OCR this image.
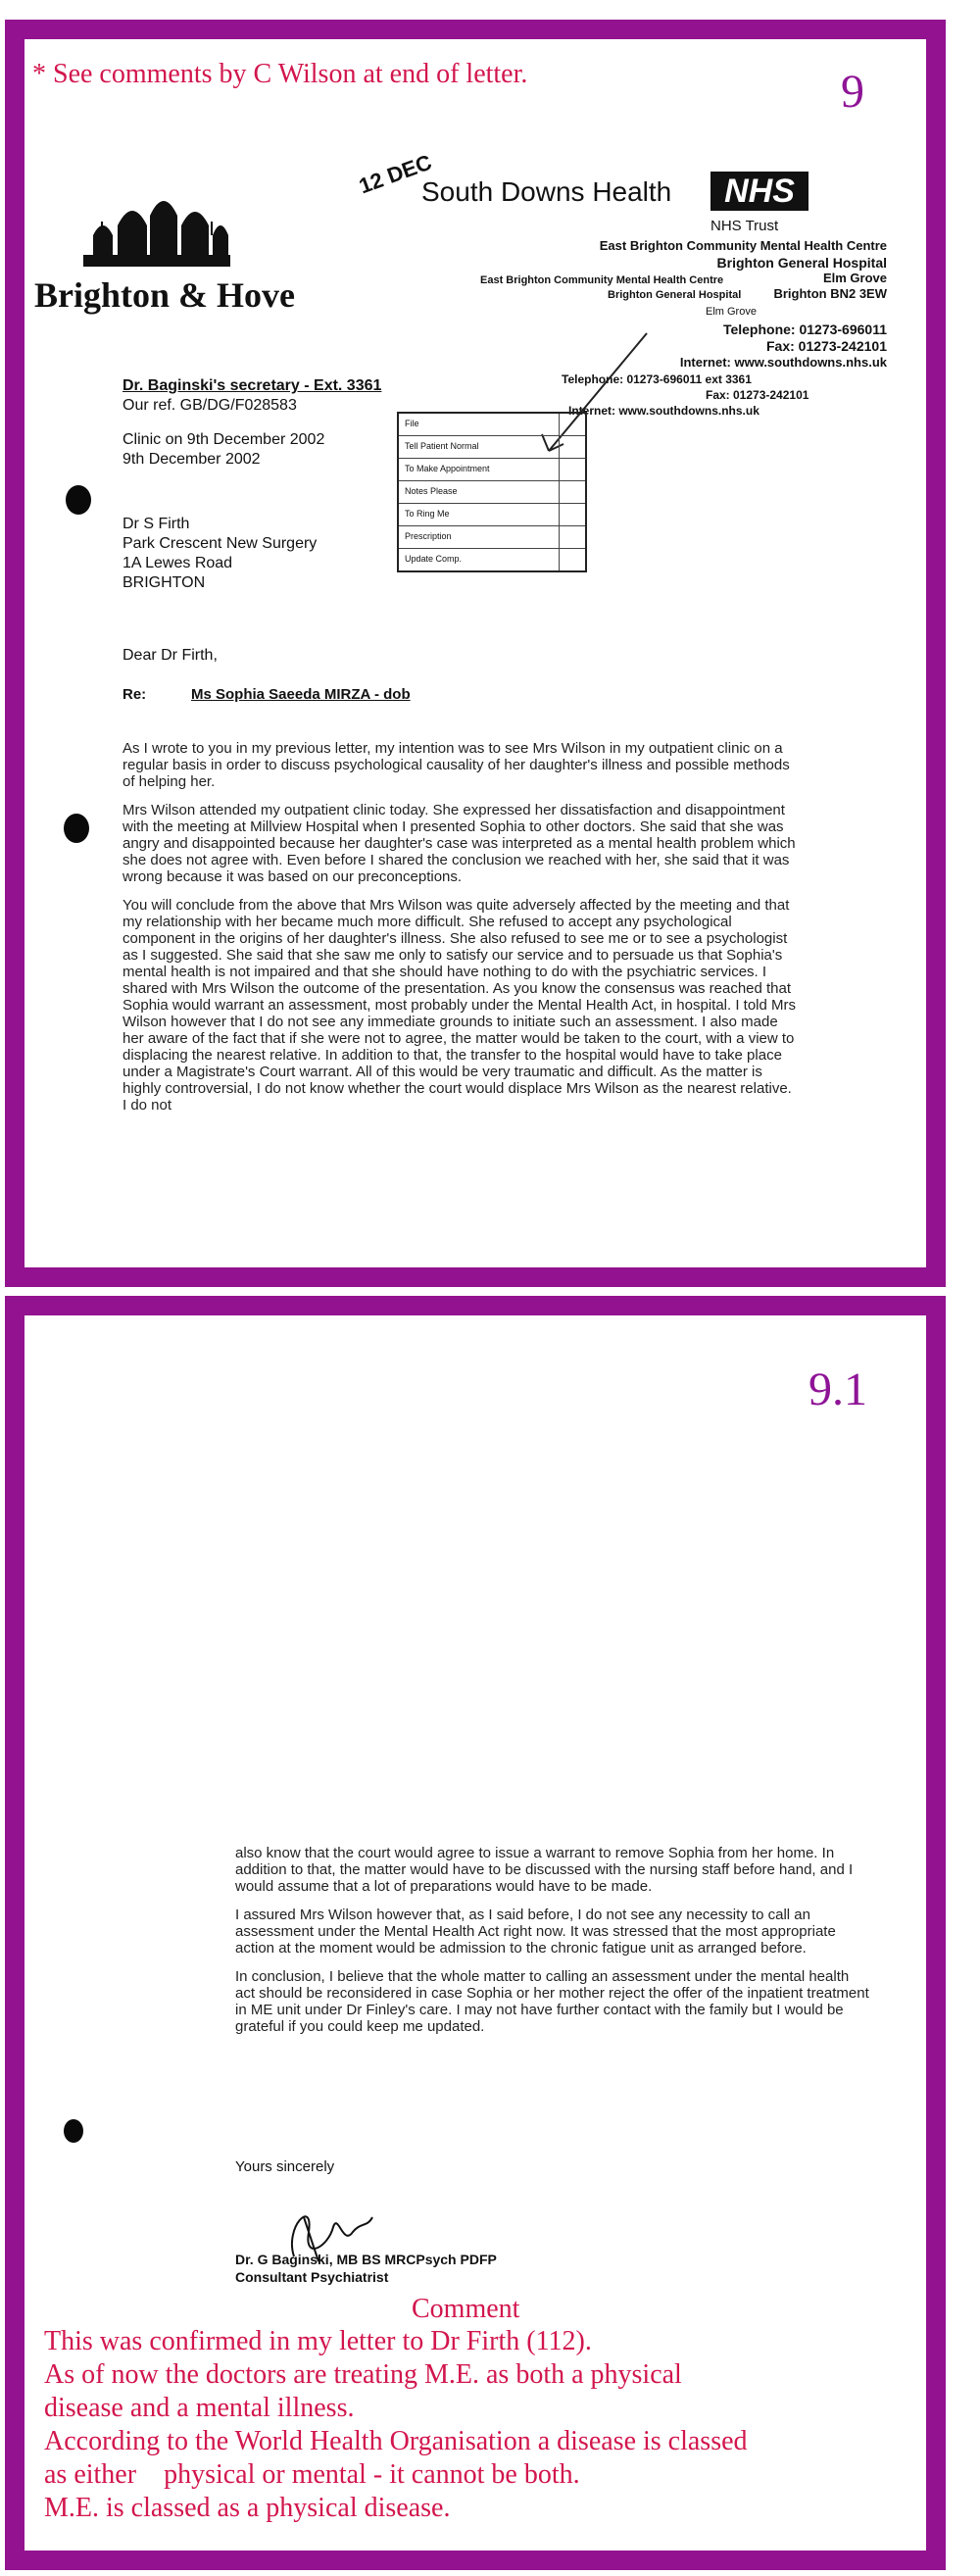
* See comments by C Wilson at end of letter.	9
Brighton & Hove
12 DEC
South Downs Health	NHS
NHS Trust
East Brighton Community Mental Health Centre
Brighton General Hospital
East Brighton Community Mental Health Centre
Brighton General Hospital
Elm Grove
Brighton BN2 3EW
Elm Grove
Telephone: 01273-696011
Fax: 01273-242101
Internet: www.southdowns.nhs.uk
Telephone: 01273-696011 ext 3361
Fax: 01273-242101
Internet: www.southdowns.nhs.uk
Dr. Baginski's secretary - Ext. 3361
Our ref. GB/DG/F028583
Clinic on 9th December 2002
9th December 2002
Dr S Firth
Park Crescent New Surgery
1A Lewes Road
BRIGHTON
File
Tell Patient Normal
To Make Appointment
Notes Please
To Ring Me
Prescription
Update Comp.
Dear Dr Firth,
Re:	Ms Sophia Saeeda MIRZA - dob

As I wrote to you in my previous letter, my intention was to see Mrs Wilson in my outpatient clinic on a regular basis in order to discuss psychological causality of her daughter's illness and possible methods of helping her.

Mrs Wilson attended my outpatient clinic today. She expressed her dissatisfaction and disappointment with the meeting at Millview Hospital when I presented Sophia to other doctors. She said that she was angry and disappointed because her daughter's case was interpreted as a mental health problem which she does not agree with. Even before I shared the conclusion we reached with her, she said that it was wrong because it was based on our preconceptions.

You will conclude from the above that Mrs Wilson was quite adversely affected by the meeting and that my relationship with her became much more difficult. She refused to accept any psychological component in the origins of her daughter's illness. She also refused to see me or to see a psychologist as I suggested. She said that she saw me only to satisfy our service and to persuade us that Sophia's mental health is not impaired and that she should have nothing to do with the psychiatric services. I shared with Mrs Wilson the outcome of the presentation. As you know the consensus was reached that Sophia would warrant an assessment, most probably under the Mental Health Act, in hospital. I told Mrs Wilson however that I do not see any immediate grounds to initiate such an assessment. I also made her aware of the fact that if she were not to agree, the matter would be taken to the court, with a view to displacing the nearest relative. In addition to that, the transfer to the hospital would have to take place under a Magistrate's Court warrant. All of this would be very traumatic and difficult. As the matter is highly controversial, I do not know whether the court would displace Mrs Wilson as the nearest relative. I do not

9.1

also know that the court would agree to issue a warrant to remove Sophia from her home. In addition to that, the matter would have to be discussed with the nursing staff before hand, and I would assume that a lot of preparations would have to be made.

I assured Mrs Wilson however that, as I said before, I do not see any necessity to call an assessment under the Mental Health Act right now. It was stressed that the most appropriate action at the moment would be admission to the chronic fatigue unit as arranged before.

In conclusion, I believe that the whole matter to calling an assessment under the mental health act should be reconsidered in case Sophia or her mother reject the offer of the inpatient treatment in ME unit under Dr Finley's care. I may not have further contact with the family but I would be grateful if you could keep me updated.

Yours sincerely
Dr. G Baginski, MB BS MRCPsych PDFP
Consultant Psychiatrist
Comment
This was confirmed in my letter to Dr Firth (112).
As of now the doctors are treating M.E. as both a physical
disease and a mental illness.
According to the World Health Organisation a disease is classed
as either    physical or mental - it cannot be both.
M.E. is classed as a physical disease.
